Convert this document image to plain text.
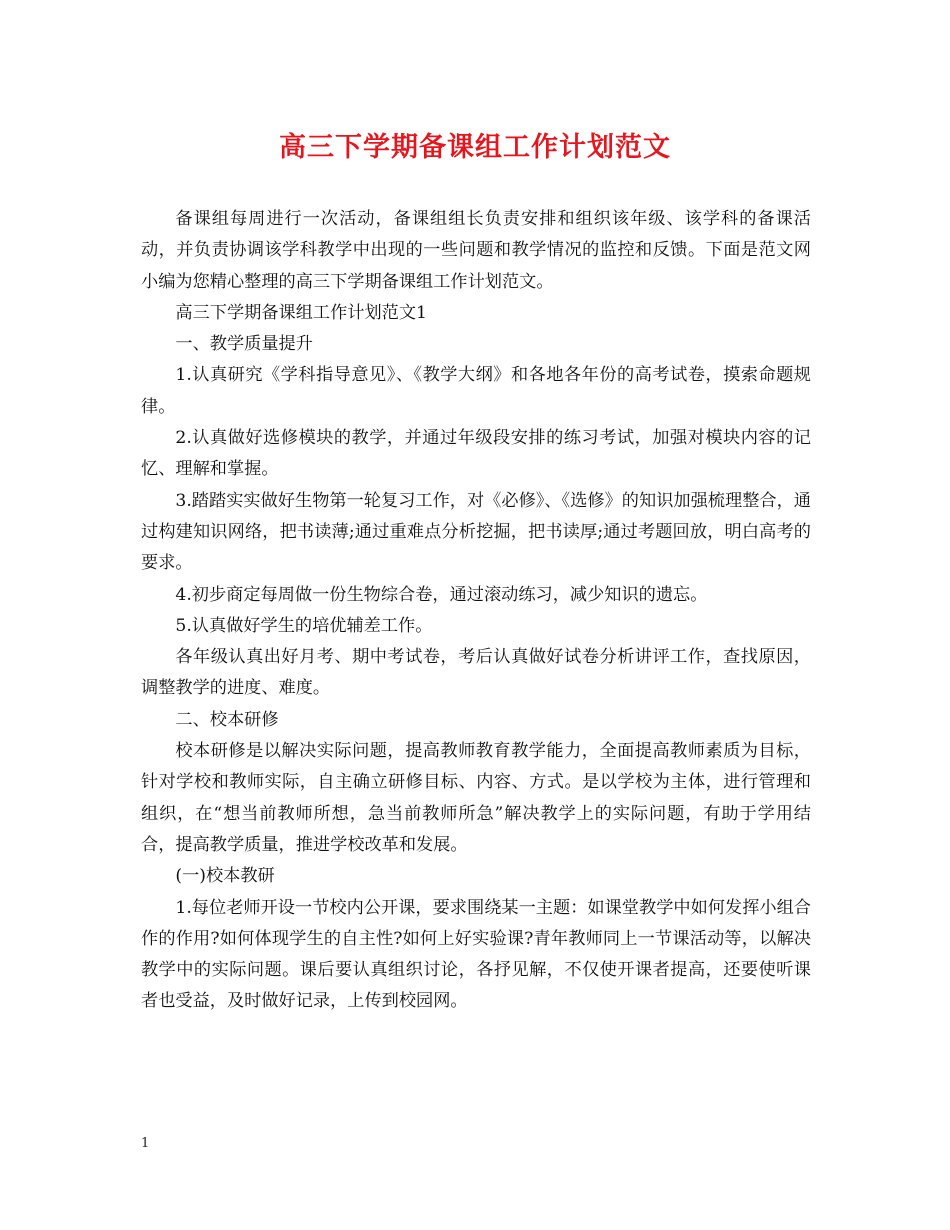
高三下学期备课组工作计划范文

备课组每周进行一次活动，备课组组长负责安排和组织该年级、该学科的备课活动，并负责协调该学科教学中出现的一些问题和教学情况的监控和反馈。下面是范文网小编为您精心整理的高三下学期备课组工作计划范文。

高三下学期备课组工作计划范文1

一、教学质量提升

1.认真研究《学科指导意见》、《教学大纲》和各地各年份的高考试卷，摸索命题规律。

2.认真做好选修模块的教学，并通过年级段安排的练习考试，加强对模块内容的记忆、理解和掌握。

3.踏踏实实做好生物第一轮复习工作，对《必修》、《选修》的知识加强梳理整合，通过构建知识网络，把书读薄;通过重难点分析挖掘，把书读厚;通过考题回放，明白高考的要求。

4.初步商定每周做一份生物综合卷，通过滚动练习，减少知识的遗忘。

5.认真做好学生的培优辅差工作。

各年级认真出好月考、期中考试卷，考后认真做好试卷分析讲评工作，查找原因，调整教学的进度、难度。

二、校本研修

校本研修是以解决实际问题，提高教师教育教学能力，全面提高教师素质为目标，针对学校和教师实际，自主确立研修目标、内容、方式。是以学校为主体，进行管理和组织，在“想当前教师所想，急当前教师所急”解决教学上的实际问题，有助于学用结合，提高教学质量，推进学校改革和发展。

(一)校本教研

1.每位老师开设一节校内公开课，要求围绕某一主题：如课堂教学中如何发挥小组合作的作用?如何体现学生的自主性?如何上好实验课?青年教师同上一节课活动等，以解决教学中的实际问题。课后要认真组织讨论，各抒见解，不仅使开课者提高，还要使听课者也受益，及时做好记录，上传到校园网。

1
